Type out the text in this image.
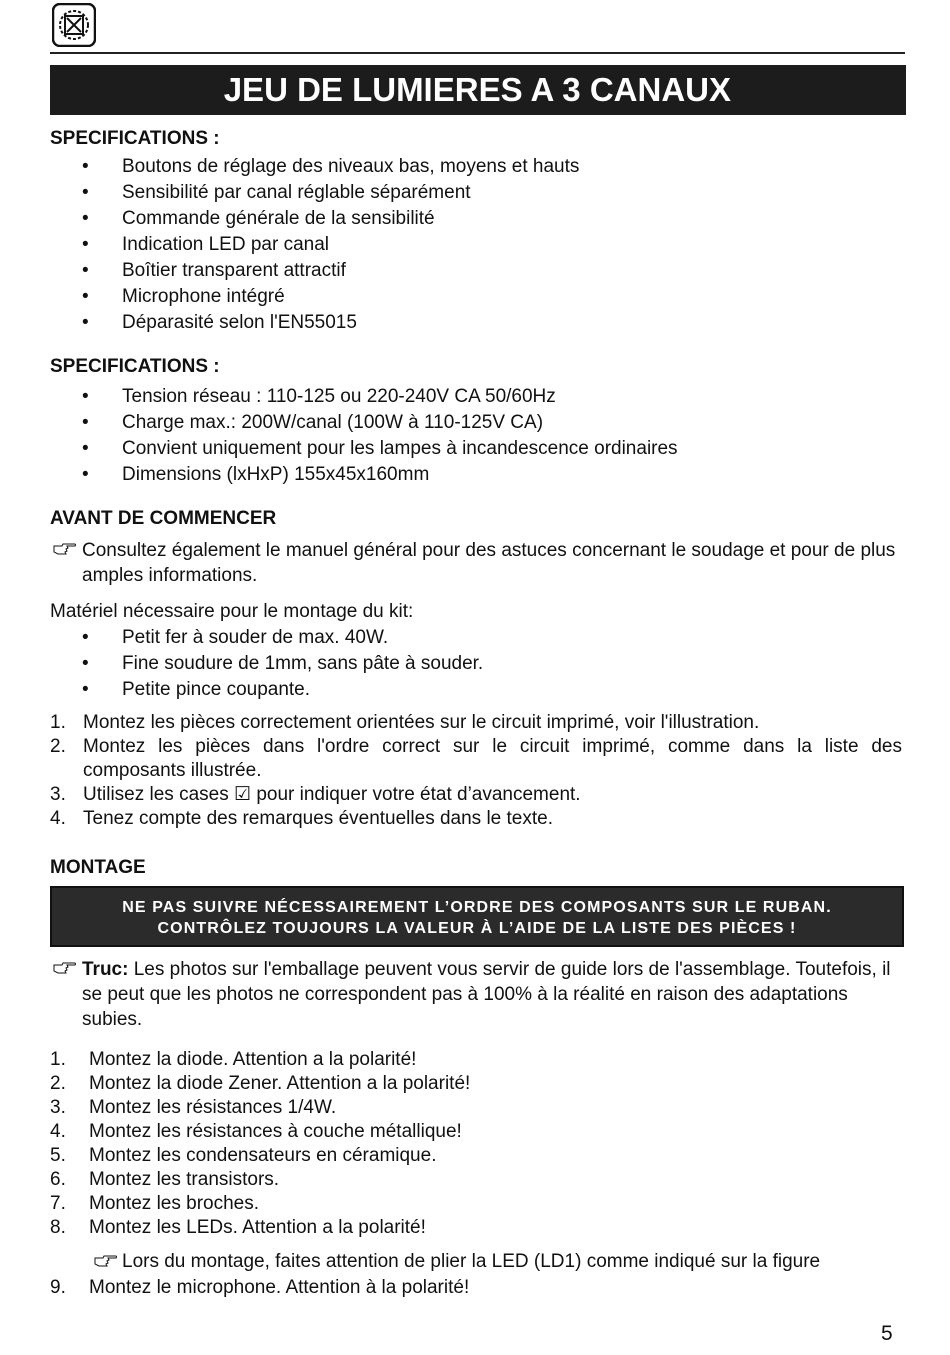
JEU DE LUMIERES A 3 CANAUX
SPECIFICATIONS :
• Boutons de réglage des niveaux bas, moyens et hauts
• Sensibilité par canal réglable séparément
• Commande générale de la sensibilité
• Indication LED par canal
• Boîtier transparent attractif
• Microphone intégré
• Déparasité selon l'EN55015
SPECIFICATIONS :
• Tension réseau : 110-125 ou 220-240V CA 50/60Hz
• Charge max.: 200W/canal (100W à 110-125V CA)
• Convient uniquement pour les lampes à incandescence ordinaires
• Dimensions (lxHxP) 155x45x160mm
AVANT DE COMMENCER
Consultez également le manuel général pour des astuces concernant le soudage et pour de plus amples informations.
Matériel nécessaire pour le montage du kit:
• Petit fer à souder de max. 40W.
• Fine soudure de 1mm, sans pâte à souder.
• Petite pince coupante.
1. Montez les pièces correctement orientées sur le circuit imprimé, voir l'illustration.
2. Montez les pièces dans l'ordre correct sur le circuit imprimé, comme dans la liste des composants illustrée.
3. Utilisez les cases ☑ pour indiquer votre état d’avancement.
4. Tenez compte des remarques éventuelles dans le texte.
MONTAGE
NE PAS SUIVRE NÉCESSAIREMENT L’ORDRE DES COMPOSANTS SUR LE RUBAN.
CONTRÔLEZ TOUJOURS LA VALEUR À L’AIDE DE LA LISTE DES PIÈCES !
Truc: Les photos sur l'emballage peuvent vous servir de guide lors de l'assemblage. Toutefois, il se peut que les photos ne correspondent pas à 100% à la réalité en raison des adaptations subies.
1. Montez la diode. Attention a la polarité!
2. Montez la diode Zener. Attention a la polarité!
3. Montez les résistances 1/4W.
4. Montez les résistances à couche métallique!
5. Montez les condensateurs en céramique.
6. Montez les transistors.
7. Montez les broches.
8. Montez les LEDs. Attention a la polarité!
Lors du montage, faites attention de plier la LED (LD1) comme indiqué sur la figure
9. Montez le microphone. Attention à la polarité!
5
